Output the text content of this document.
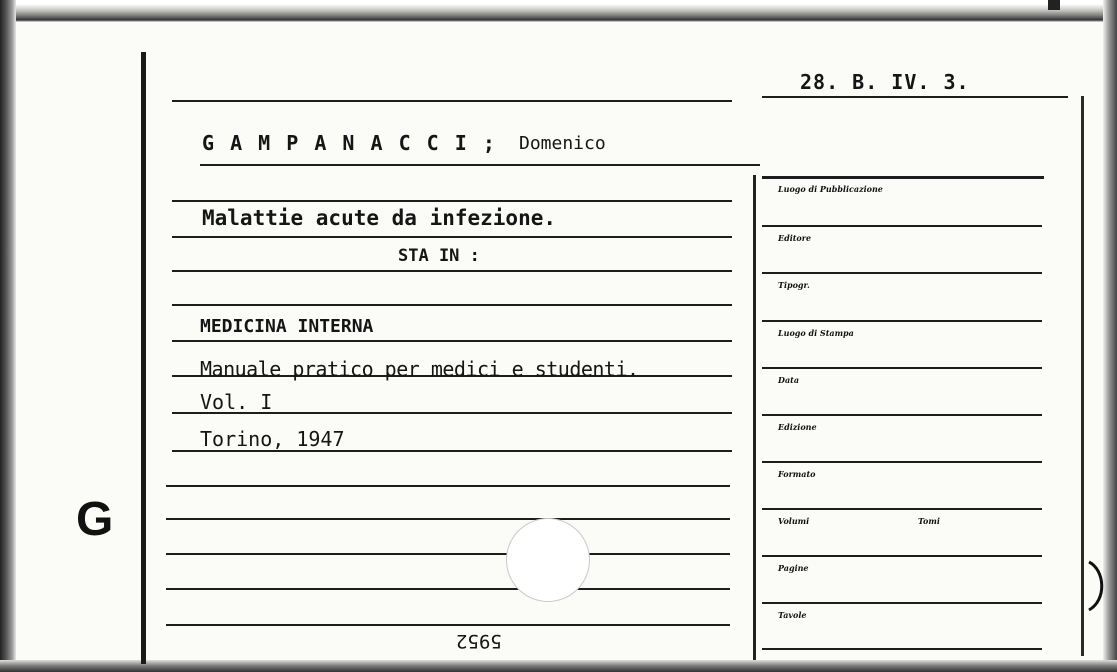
28. B. IV. 3.
G A M P A N A C C I ; Domenico
Malattie acute da infezione.
STA IN :
MEDICINA INTERNA
Manuale pratico per medici e studenti.
Vol. I
Torino, 1947
5952
G
Luogo di Pubblicazione
Editore
Tipogr.
Luogo di Stampa
Data
Edizione
Formato
Volumi	Tomi
Pagine
Tavole
